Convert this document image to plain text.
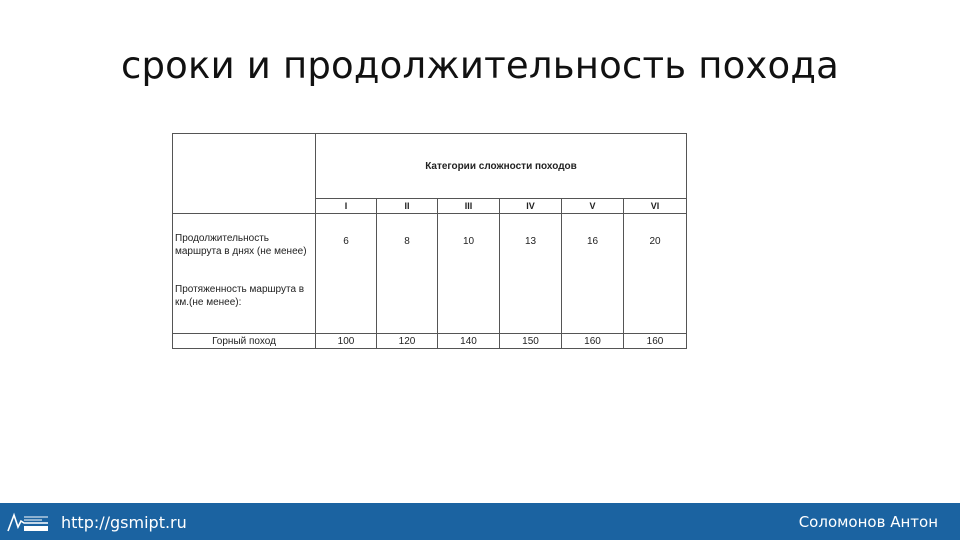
сроки и продолжительность похода
	Категории сложности походов					
	I	II	III	IV	V	VI

Продолжительность маршрута в днях (не менее)	6	8	10	13	16	20

Протяженность маршрута в км.(не менее):						

Горный поход	100	120	140	150	160	160
http://gsmipt.ru	Соломонов Антон
